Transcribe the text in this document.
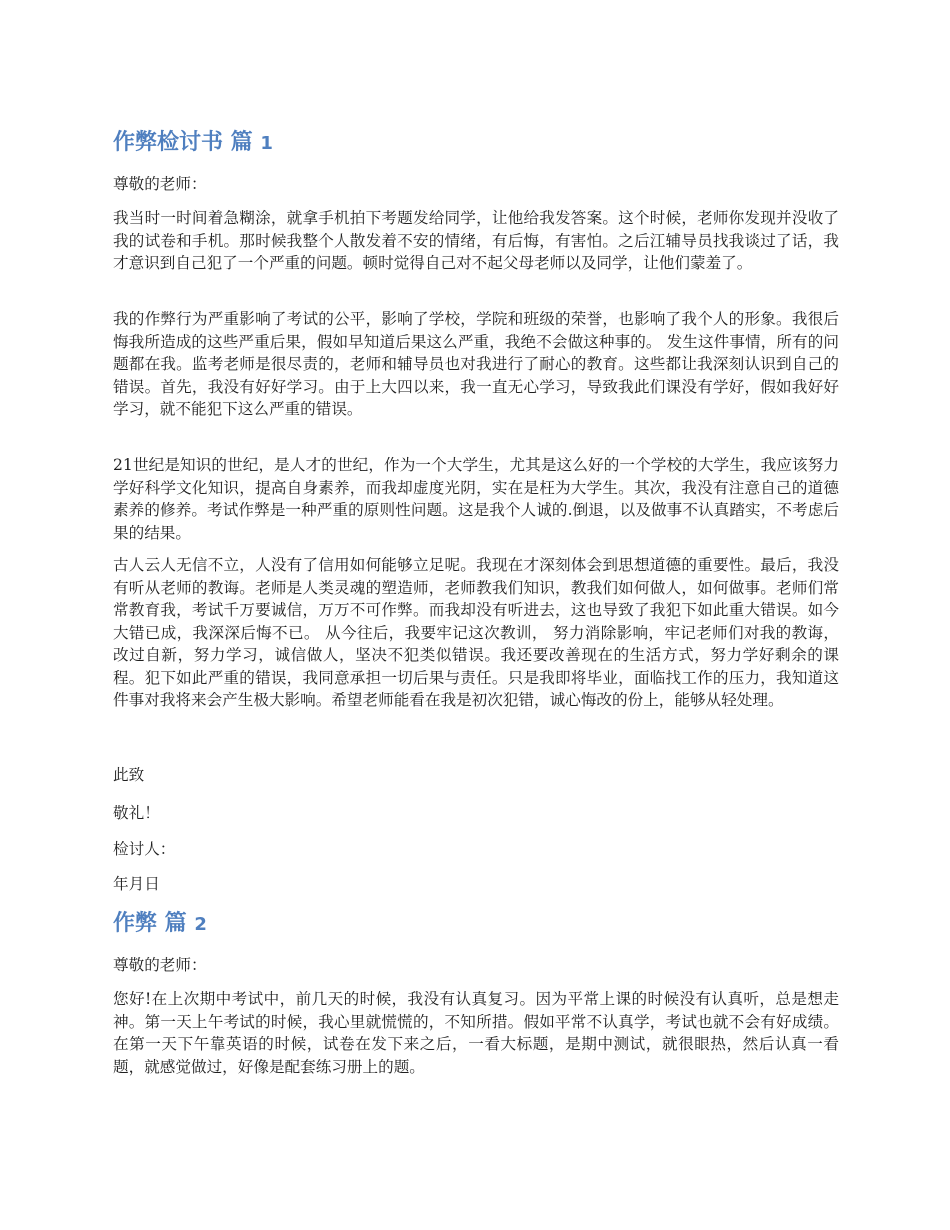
作弊检讨书 篇 1

尊敬的老师：

我当时一时间着急糊涂，就拿手机拍下考题发给同学，让他给我发答案。这个时候，老师你发现并没收了我的试卷和手机。那时候我整个人散发着不安的情绪，有后悔，有害怕。之后江辅导员找我谈过了话，我才意识到自己犯了一个严重的问题。顿时觉得自己对不起父母老师以及同学，让他们蒙羞了。

我的作弊行为严重影响了考试的公平，影响了学校，学院和班级的荣誉，也影响了我个人的形象。我很后悔我所造成的这些严重后果，假如早知道后果这么严重，我绝不会做这种事的。 发生这件事情，所有的问题都在我。监考老师是很尽责的，老师和辅导员也对我进行了耐心的教育。这些都让我深刻认识到自己的错误。首先，我没有好好学习。由于上大四以来，我一直无心学习，导致我此们课没有学好，假如我好好学习，就不能犯下这么严重的错误。

21世纪是知识的世纪，是人才的世纪，作为一个大学生，尤其是这么好的一个学校的大学生，我应该努力学好科学文化知识，提高自身素养，而我却虚度光阴，实在是枉为大学生。其次，我没有注意自己的道德素养的修养。考试作弊是一种严重的原则性问题。这是我个人诚的.倒退，以及做事不认真踏实，不考虑后果的结果。

古人云人无信不立，人没有了信用如何能够立足呢。我现在才深刻体会到思想道德的重要性。最后，我没有听从老师的教诲。老师是人类灵魂的塑造师，老师教我们知识，教我们如何做人，如何做事。老师们常常教育我，考试千万要诚信，万万不可作弊。而我却没有听进去，这也导致了我犯下如此重大错误。如今大错已成，我深深后悔不已。 从今往后，我要牢记这次教训， 努力消除影响，牢记老师们对我的教诲，改过自新，努力学习，诚信做人，坚决不犯类似错误。我还要改善现在的生活方式，努力学好剩余的课程。犯下如此严重的错误，我同意承担一切后果与责任。只是我即将毕业，面临找工作的压力，我知道这件事对我将来会产生极大影响。希望老师能看在我是初次犯错，诚心悔改的份上，能够从轻处理。

此致

敬礼！

检讨人：

年月日

作弊 篇 2

尊敬的老师：

您好!在上次期中考试中，前几天的时候，我没有认真复习。因为平常上课的时候没有认真听，总是想走神。第一天上午考试的时候，我心里就慌慌的，不知所措。假如平常不认真学，考试也就不会有好成绩。在第一天下午靠英语的时候，试卷在发下来之后，一看大标题，是期中测试，就很眼热，然后认真一看题，就感觉做过，好像是配套练习册上的题。
